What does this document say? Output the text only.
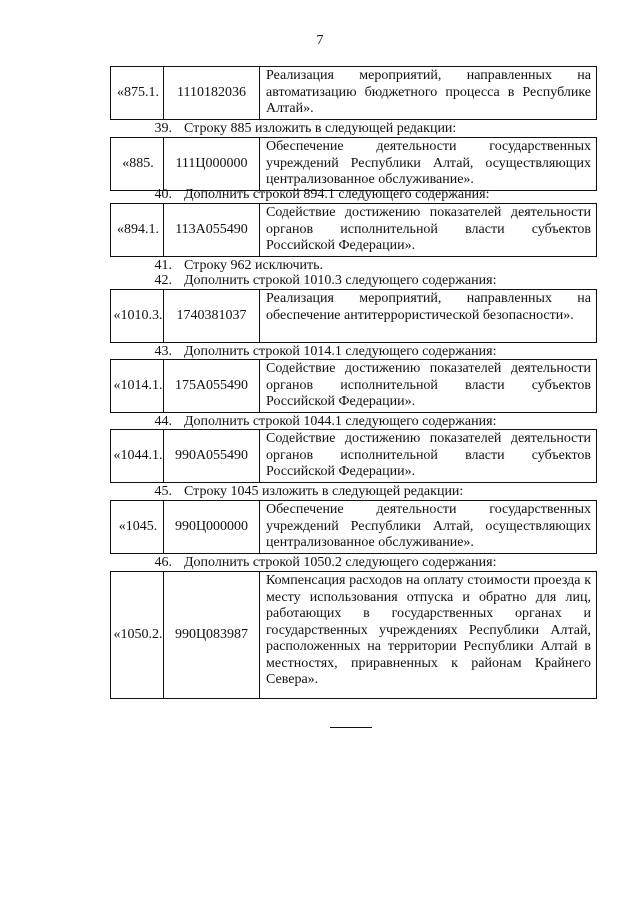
7
«875.1. 1110182036
Реализация мероприятий, направленных на автоматизацию бюджетного процесса в Республике Алтай».
39. Строку 885 изложить в следующей редакции:
«885. 111Ц000000
Обеспечение деятельности государственных учреждений Республики Алтай, осуществляющих централизованное обслуживание».
40. Дополнить строкой 894.1 следующего содержания:
«894.1. 113А055490
Содействие достижению показателей деятельности органов исполнительной власти субъектов Российской Федерации».
41. Строку 962 исключить.
42. Дополнить строкой 1010.3 следующего содержания:
«1010.3. 1740381037
Реализация мероприятий, направленных на обеспечение антитеррористической безопасности».
43. Дополнить строкой 1014.1 следующего содержания:
«1014.1. 175А055490
Содействие достижению показателей деятельности органов исполнительной власти субъектов Российской Федерации».
44. Дополнить строкой 1044.1 следующего содержания:
«1044.1. 990А055490
Содействие достижению показателей деятельности органов исполнительной власти субъектов Российской Федерации».
45. Строку 1045 изложить в следующей редакции:
«1045. 990Ц000000
Обеспечение деятельности государственных учреждений Республики Алтай, осуществляющих централизованное обслуживание».
46. Дополнить строкой 1050.2 следующего содержания:
«1050.2. 990Ц083987
Компенсация расходов на оплату стоимости проезда к месту использования отпуска и обратно для лиц, работающих в государственных органах и государственных учреждениях Республики Алтай, расположенных на территории Республики Алтай в местностях, приравненных к районам Крайнего Севера».
